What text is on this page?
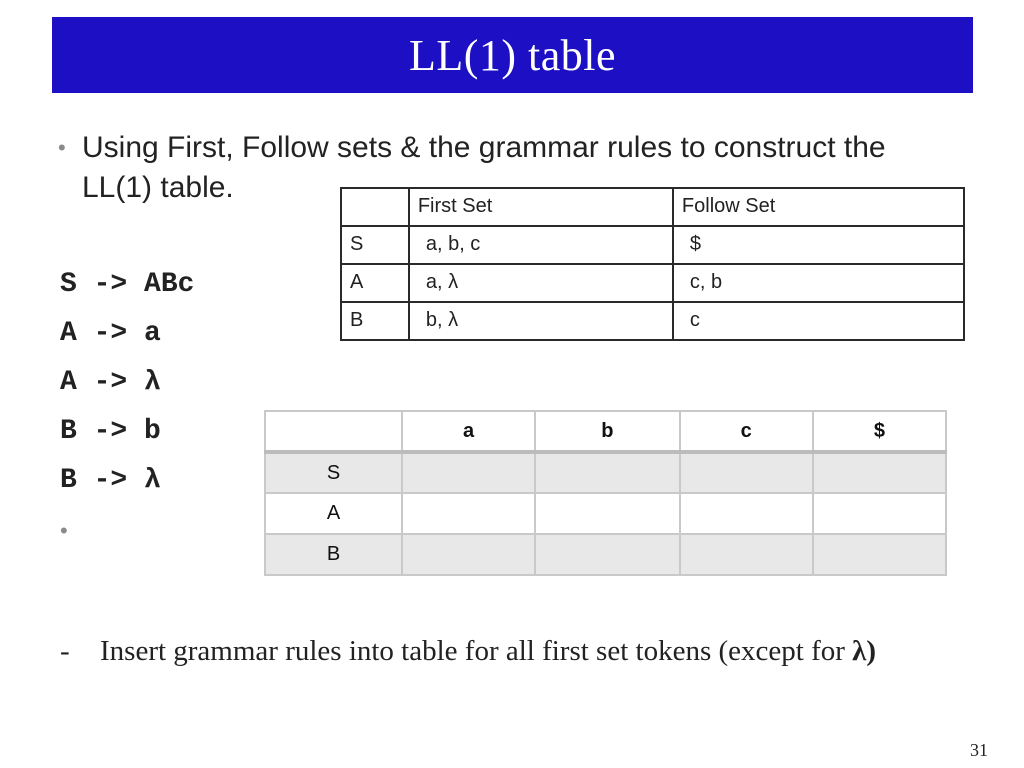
LL(1) table
• Using First, Follow sets & the grammar rules to construct the LL(1) table.
S -> ABc
A -> a
A -> λ
B -> b
B -> λ
•
	First Set	Follow Set
S	a, b, c	$
A	a, λ	c, b
B	b, λ	c
	a	b	c	$
S				
A				
B				
- Insert grammar rules into table for all first set tokens (except for λ)
31
